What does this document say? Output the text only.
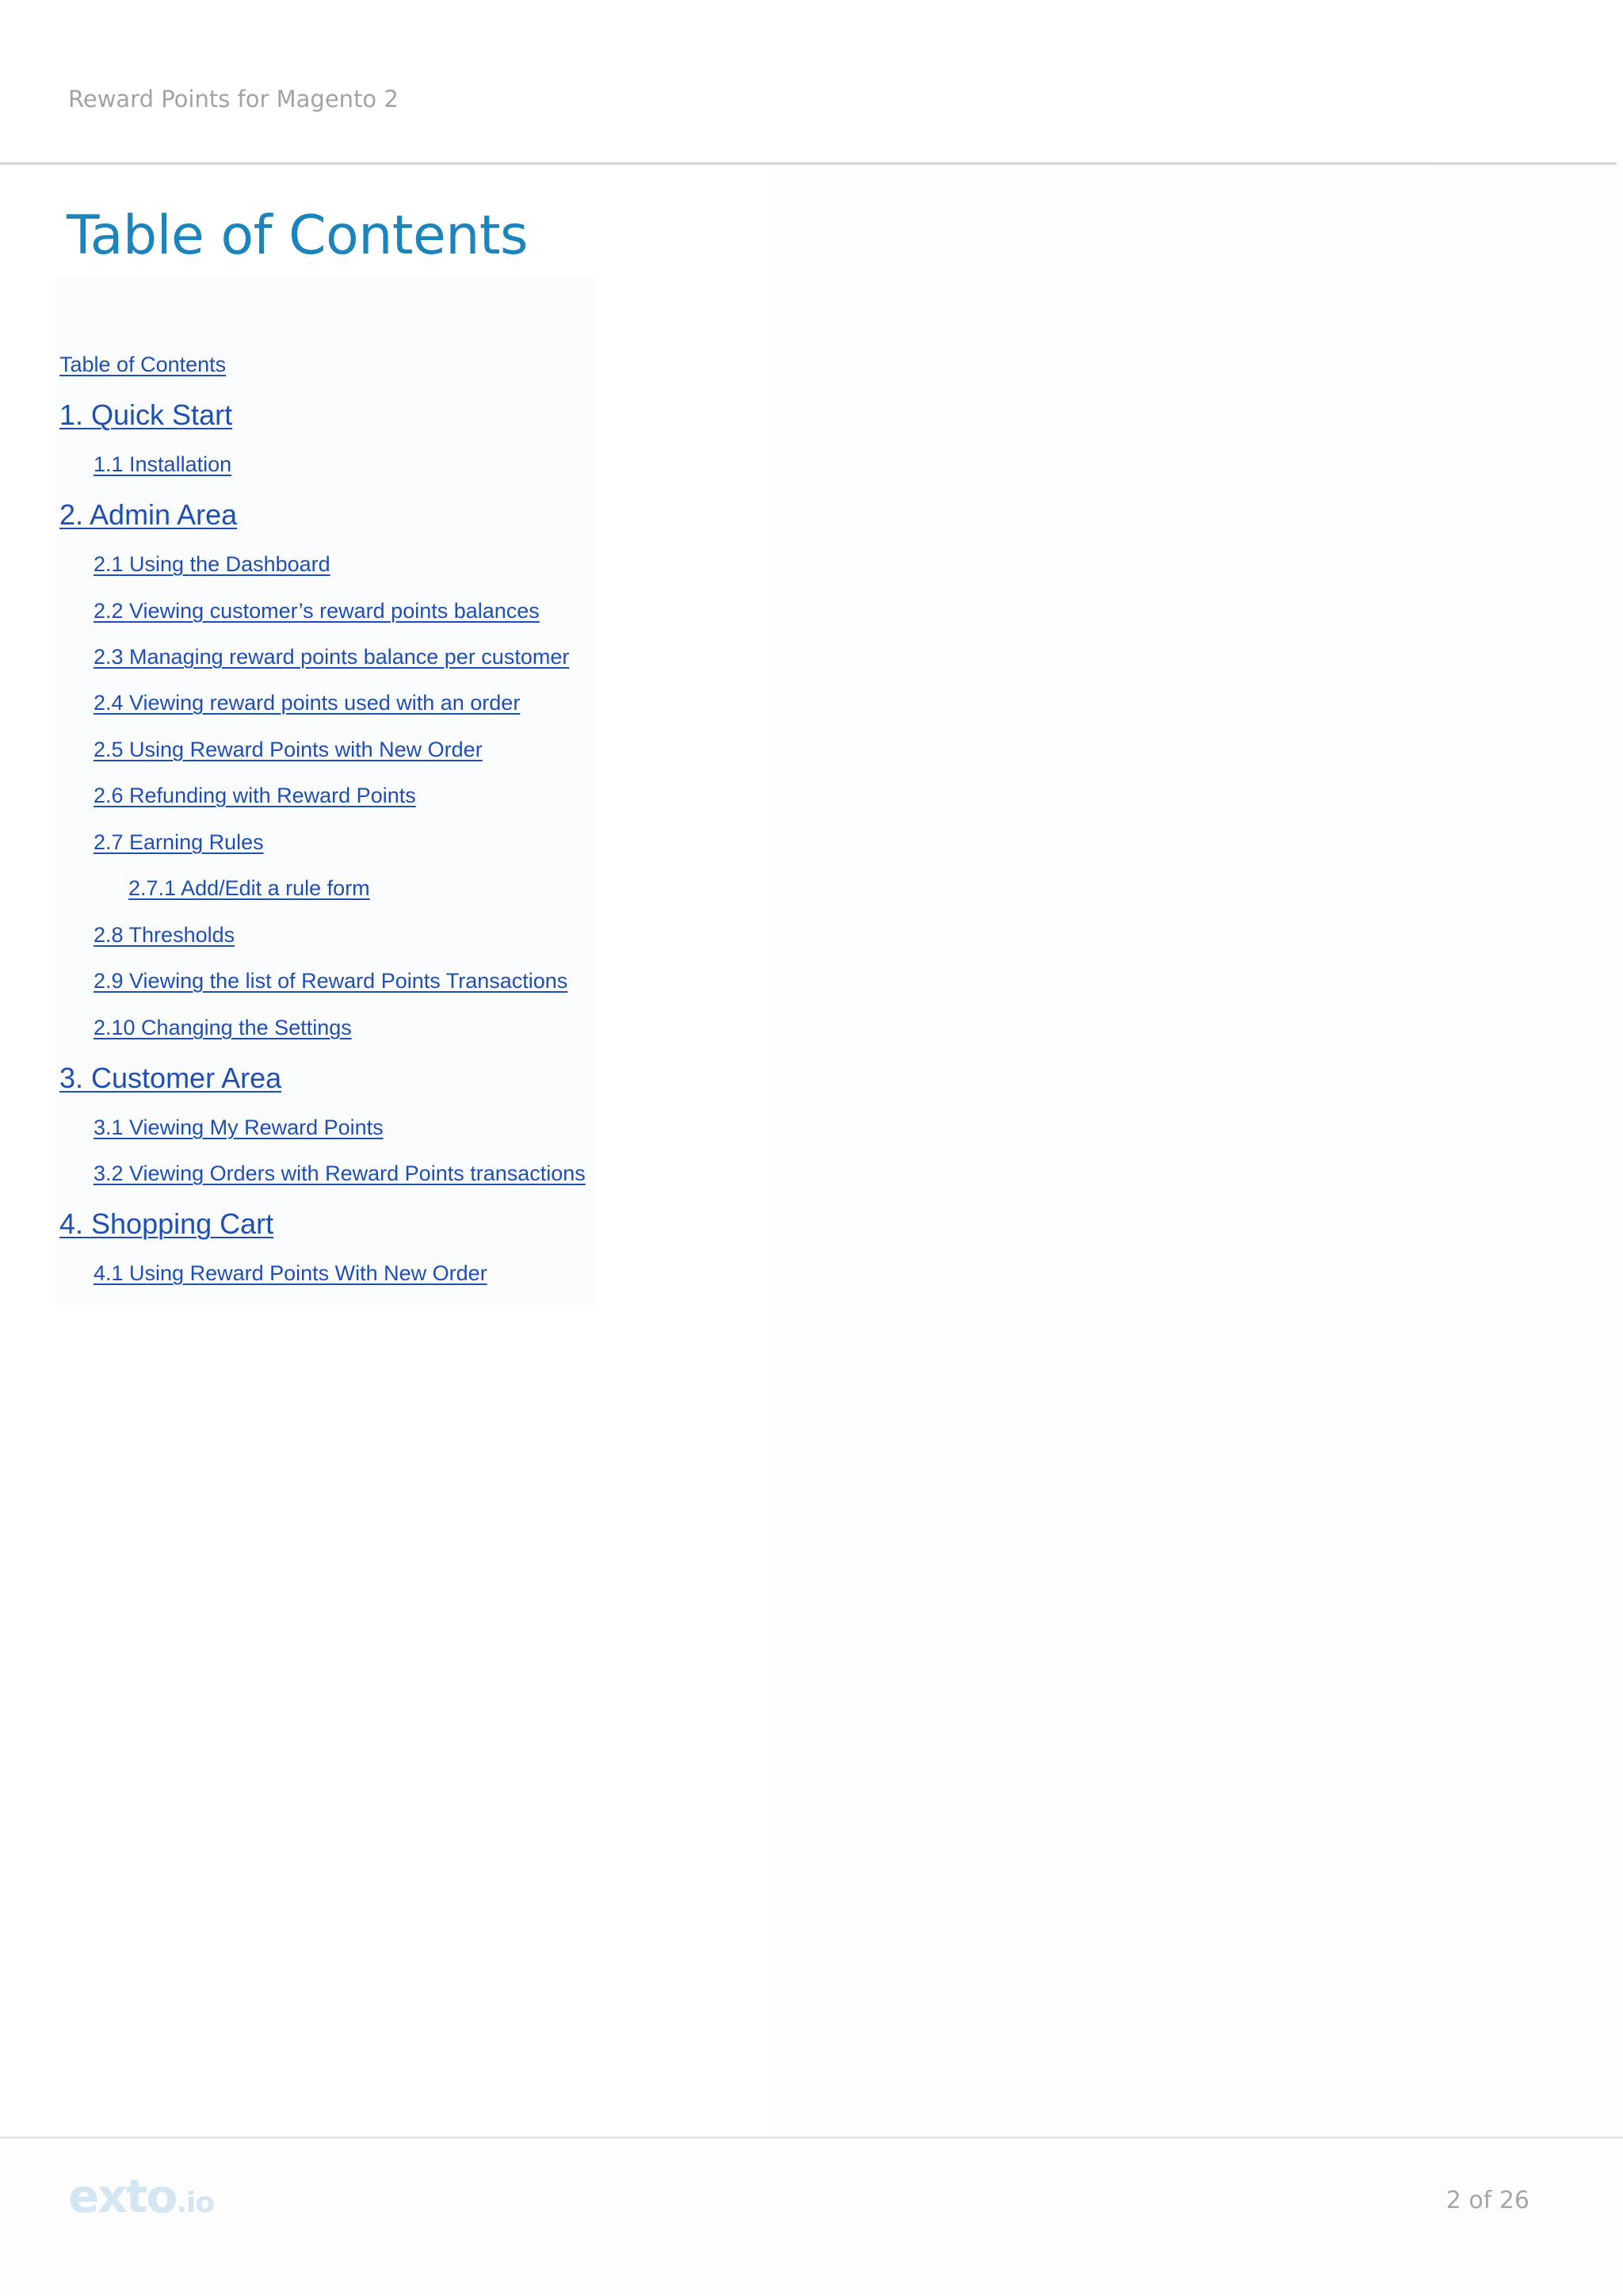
Reward Points for Magento 2

Table of Contents
Table of Contents
1. Quick Start
1.1 Installation
2. Admin Area
2.1 Using the Dashboard
2.2 Viewing customer’s reward points balances
2.3 Managing reward points balance per customer
2.4 Viewing reward points used with an order
2.5 Using Reward Points with New Order
2.6 Refunding with Reward Points
2.7 Earning Rules
2.7.1 Add/Edit a rule form
2.8 Thresholds
2.9 Viewing the list of Reward Points Transactions
2.10 Changing the Settings
3. Customer Area
3.1 Viewing My Reward Points
3.2 Viewing Orders with Reward Points transactions
4. Shopping Cart
4.1 Using Reward Points With New Order
exto.io	2 of 26
